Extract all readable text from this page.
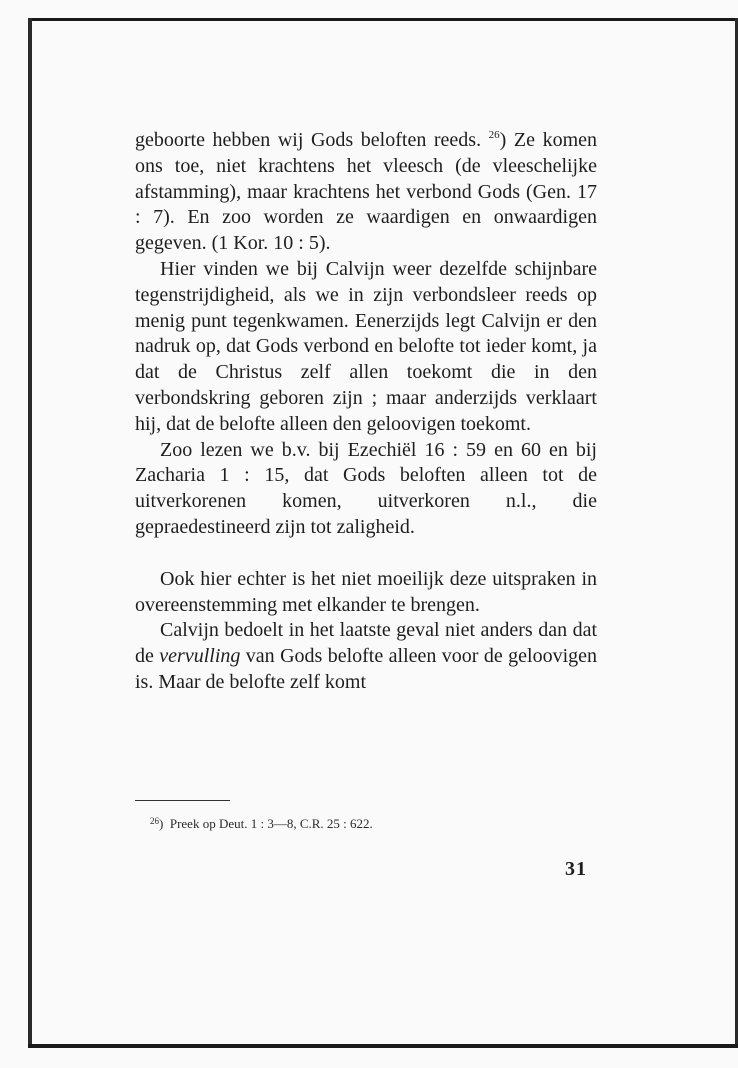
geboorte hebben wij Gods beloften reeds. $^{26}$) Ze komen ons toe, niet krachtens het vleesch (de vleeschelijke afstamming), maar krachtens het verbond Gods (Gen. 17 : 7). En zoo worden ze waardigen en onwaardigen gegeven. (1 Kor. 10 : 5).

Hier vinden we bij Calvijn weer dezelfde schijnbare tegenstrijdigheid, als we in zijn verbondsleer reeds op menig punt tegenkwamen. Eenerzijds legt Calvijn er den nadruk op, dat Gods verbond en belofte tot ieder komt, ja dat de Christus zelf allen toekomt die in den verbondskring geboren zijn ; maar anderzijds verklaart hij, dat de belofte alleen den geloovigen toekomt.

Zoo lezen we b.v. bij Ezechiël 16 : 59 en 60 en bij Zacharia 1 : 15, dat Gods beloften alleen tot de uitverkorenen komen, uitverkoren n.l., die gepraedestineerd zijn tot zaligheid.

Ook hier echter is het niet moeilijk deze uitspraken in overeenstemming met elkander te brengen.

Calvijn bedoelt in het laatste geval niet anders dan dat de vervulling van Gods belofte alleen voor de geloovigen is. Maar de belofte zelf komt

$^{26}$) Preek op Deut. 1 : 3—8, C.R. 25 : 622.
31
